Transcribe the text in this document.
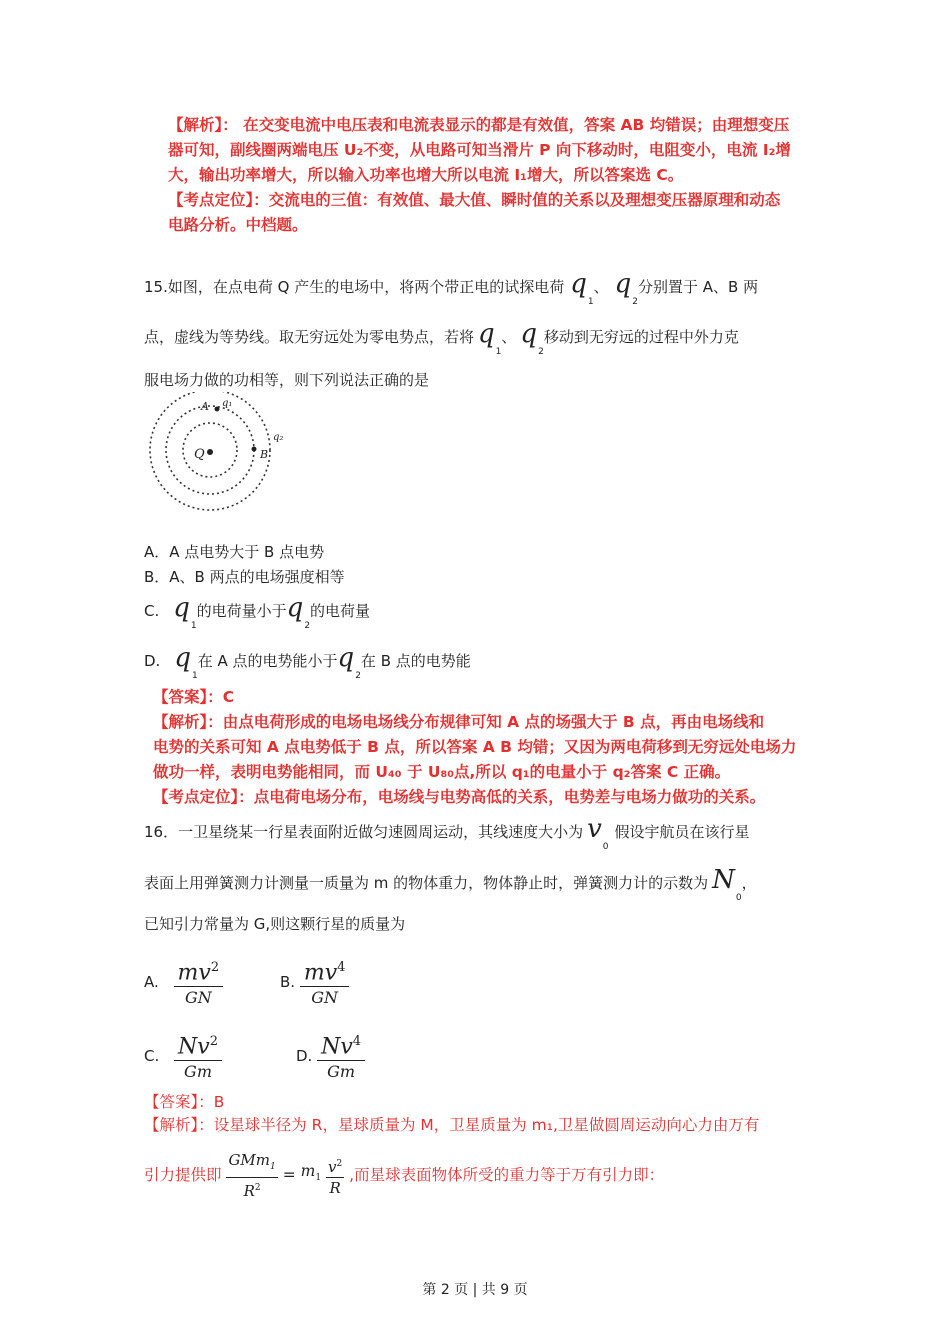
【解析】： 在交变电流中电压表和电流表显示的都是有效值，答案 AB 均错误；由理想变压
器可知，副线圈两端电压 U₂不变，从电路可知当滑片 P 向下移动时，电阻变小，电流 I₂增
大，输出功率增大，所以输入功率也增大所以电流 I₁增大，所以答案选 C。
【考点定位】：交流电的三值：有效值、最大值、瞬时值的关系以及理想变压器原理和动态
电路分析。中档题。
15.如图，在点电荷 Q 产生的电场中，将两个带正电的试探电荷 $q_1$、 $q_2$分别置于 A、B 两
点，虚线为等势线。取无穷远处为零电势点，若将 $q_1$、 $q_2$移动到无穷远的过程中外力克
服电场力做的功相等，则下列说法正确的是
Q
A q₁
B
q₂
A．A 点电势大于 B 点电势
B．A、B 两点的电场强度相等
C. $q_1$的电荷量小于$q_2$的电荷量
D. $q_1$在 A 点的电势能小于$q_2$在 B 点的电势能
【答案】：C
【解析】：由点电荷形成的电场电场线分布规律可知 A 点的场强大于 B 点，再由电场线和
电势的关系可知 A 点电势低于 B 点，所以答案 A B 均错；又因为两电荷移到无穷远处电场力
做功一样，表明电势能相同，而 U₄₀ 于 U₈₀点,所以 q₁的电量小于 q₂答案 C 正确。
【考点定位】：点电荷电场分布，电场线与电势高低的关系，电势差与电场力做功的关系。
16．一卫星绕某一行星表面附近做匀速圆周运动，其线速度大小为 $v_0$假设宇航员在该行星
表面上用弹簧测力计测量一质量为 m 的物体重力，物体静止时，弹簧测力计的示数为 $N_0$，
已知引力常量为 G,则这颗行星的质量为
A. $\frac{mv^2}{GN}$	B. $\frac{mv^4}{GN}$
C. $\frac{Nv^2}{Gm}$	D. $\frac{Nv^4}{Gm}$
【答案】：B
【解析】：设星球半径为 R，星球质量为 M，卫星质量为 m₁,卫星做圆周运动向心力由万有
引力提供即 $\frac{GMm_1}{R^2} = m_1 \frac{v^2}{R}$ ,而星球表面物体所受的重力等于万有引力即：
第 2 页 | 共 9 页
